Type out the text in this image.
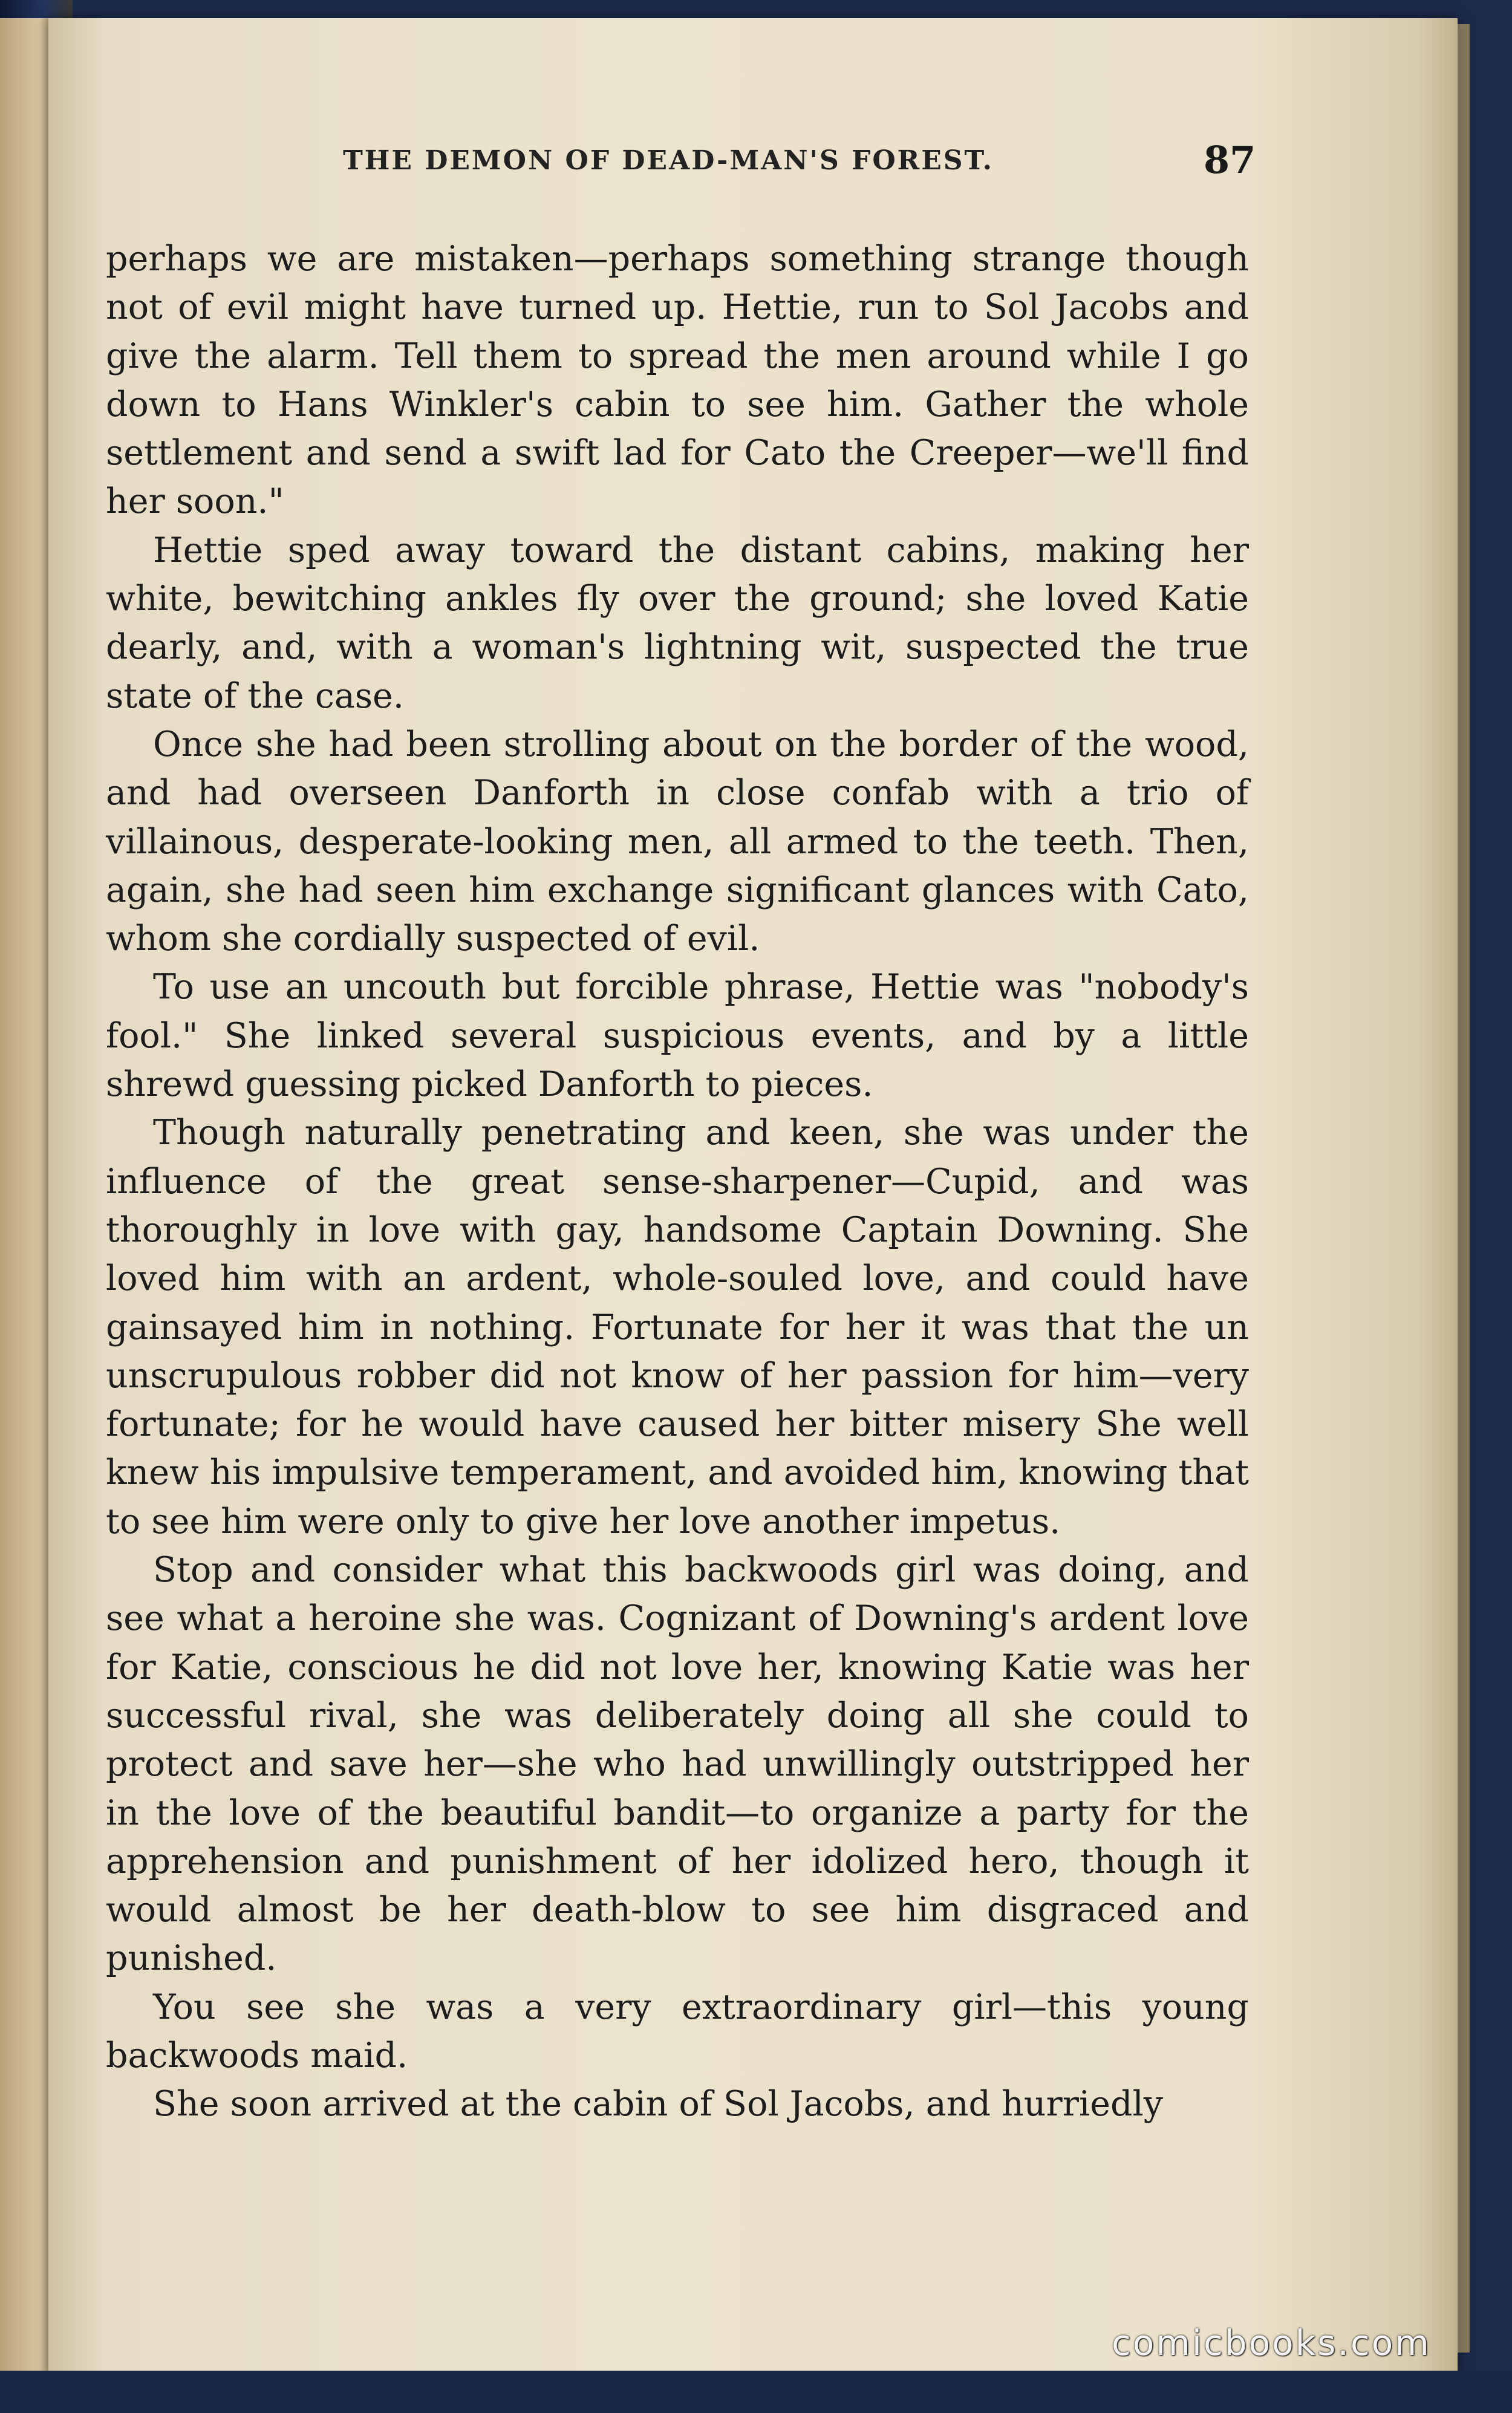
THE DEMON OF DEAD-MAN'S FOREST.	87

perhaps we are mistaken—perhaps something strange though not of evil might have turned up. Hettie, run to Sol Jacobs and give the alarm. Tell them to spread the men around while I go down to Hans Winkler's cabin to see him. Gather the whole settlement and send a swift lad for Cato the Creeper—we'll find her soon."

Hettie sped away toward the distant cabins, making her white, bewitching ankles fly over the ground; she loved Katie dearly, and, with a woman's lightning wit, suspected the true state of the case.

Once she had been strolling about on the border of the wood, and had overseen Danforth in close confab with a trio of villainous, desperate-looking men, all armed to the teeth. Then, again, she had seen him exchange significant glances with Cato, whom she cordially suspected of evil.

To use an uncouth but forcible phrase, Hettie was "nobody's fool." She linked several suspicious events, and by a little shrewd guessing picked Danforth to pieces.

Though naturally penetrating and keen, she was under the influence of the great sense-sharpener—Cupid, and was thoroughly in love with gay, handsome Captain Downing. She loved him with an ardent, whole-souled love, and could have gainsayed him in nothing. Fortunate for her it was that the un unscrupulous robber did not know of her passion for him—very fortunate; for he would have caused her bitter misery She well knew his impulsive temperament, and avoided him, knowing that to see him were only to give her love another impetus.

Stop and consider what this backwoods girl was doing, and see what a heroine she was. Cognizant of Downing's ardent love for Katie, conscious he did not love her, knowing Katie was her successful rival, she was deliberately doing all she could to protect and save her—she who had unwillingly outstripped her in the love of the beautiful bandit—to organize a party for the apprehension and punishment of her idolized hero, though it would almost be her death-blow to see him disgraced and punished.

You see she was a very extraordinary girl—this young backwoods maid.

She soon arrived at the cabin of Sol Jacobs, and hurriedly

comicbooks.com
